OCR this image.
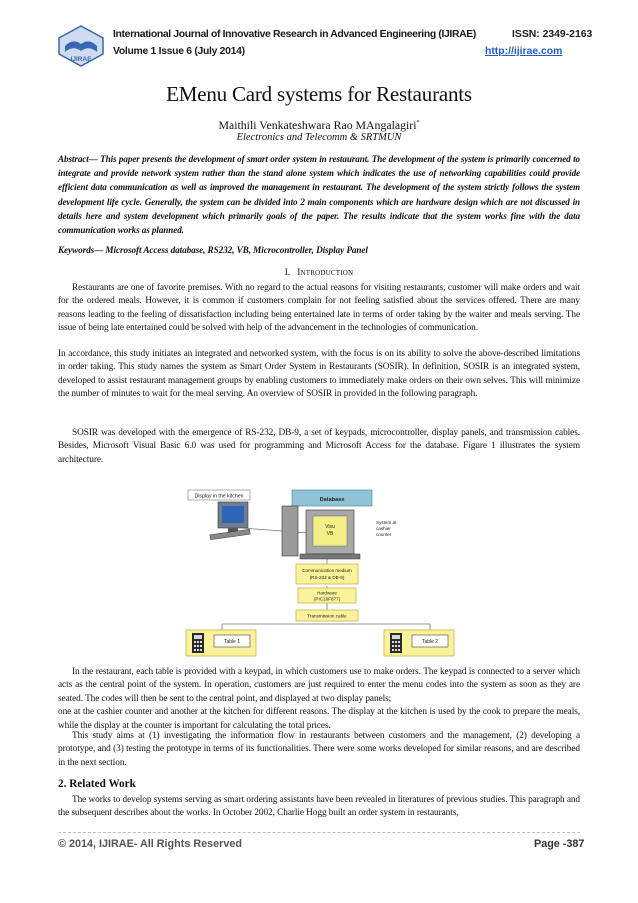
IJIRAE
International Journal of Innovative Research in Advanced Engineering (IJIRAE)	ISSN: 2349-2163
Volume 1 Issue 6 (July 2014)	http://ijirae.com
EMenu Card systems for Restaurants
Maithili Venkateshwara Rao MAngalagiri*
Electronics and Telecomm & SRTMUN
Abstract— This paper presents the development of smart order system in restaurant. The development of the system is primarily concerned to integrate and provide network system rather than the stand alone system which indicates the use of networking capabilities could provide efficient data communication as well as improved the management in restaurant. The development of the system strictly follows the system development life cycle. Generally, the system can be divided into 2 main components which are hardware design which are not discussed in details here and system development which primarily goals of the paper. The results indicate that the system works fine with the data communication works as planned.
Keywords— Microsoft Access database, RS232, VB, Microcontroller, Display Panel
I. Introduction
Restaurants are one of favorite premises. With no regard to the actual reasons for visiting restaurants, customer will make orders and wait for the ordered meals. However, it is common if customers complain for not feeling satisfied about the services offered. There are many reasons leading to the feeling of dissatisfaction including being entertained late in terms of order taking by the waiter and meals serving. The issue of being late entertained could be solved with help of the advancement in the technologies of communication.
In accordance, this study initiates an integrated and networked system, with the focus is on its ability to solve the above-described limitations in order taking. This study names the system as Smart Order System in Restaurants (SOSIR). In definition, SOSIR is an integrated system, developed to assist restaurant management groups by enabling customers to immediately make orders on their own selves. This will minimize the number of minutes to wait for the meal serving. An overview of SOSIR in provided in the following paragraph.
SOSIR was developed with the emergence of RS-232, DB-9, a set of keypads, microcontroller, display panels, and transmission cables. Besides, Microsoft Visual Basic 6.0 was used for programming and Microsoft Access for the database. Figure 1 illustrates the system architecture.
Display in the kitchen
Database
Visu
VB
System at
cashier
counter
Communication medium
(RS-232 & DB-9)
Hardware
(PIC16F877)
Transmission cable
Table 1	Table 2

In the restaurant, each table is provided with a keypad, in which customers use to make orders. The keypad is connected to a server which acts as the central point of the system. In operation, customers are just required to enter the menu codes into the system as soon as they are seated. The codes will then be sent to the central point, and displayed at two display panels;

one at the cashier counter and another at the kitchen for different reasons. The display at the kitchen is used by the cook to prepare the meals, while the display at the counter is important for calculating the total prices.

This study aims at (1) investigating the information flow in restaurants between customers and the management, (2) developing a prototype, and (3) testing the prototype in terms of its functionalities. There were some works developed for similar reasons, and are described in the next section.
2. Related Work
The works to develop systems serving as smart ordering assistants have been revealed in literatures of previous studies. This paragraph and the subsequent describes about the works. In October 2002, Charlie Hogg built an order system in restaurants,
© 2014, IJIRAE- All Rights Reserved	Page -387
